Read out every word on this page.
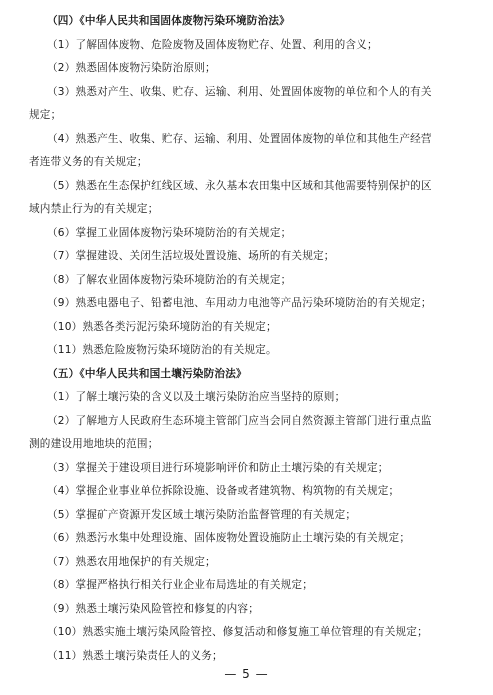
（四）《中华人民共和国固体废物污染环境防治法》
（1）了解固体废物、危险废物及固体废物贮存、处置、利用的含义；
（2）熟悉固体废物污染防治原则；
（3）熟悉对产生、收集、贮存、运输、利用、处置固体废物的单位和个人的有关
规定；
（4）熟悉产生、收集、贮存、运输、利用、处置固体废物的单位和其他生产经营
者连带义务的有关规定；
（5）熟悉在生态保护红线区域、永久基本农田集中区域和其他需要特别保护的区
域内禁止行为的有关规定；
（6）掌握工业固体废物污染环境防治的有关规定；
（7）掌握建设、关闭生活垃圾处置设施、场所的有关规定；
（8）了解农业固体废物污染环境防治的有关规定；
（9）熟悉电器电子、铅蓄电池、车用动力电池等产品污染环境防治的有关规定；
（10）熟悉各类污泥污染环境防治的有关规定；
（11）熟悉危险废物污染环境防治的有关规定。
（五）《中华人民共和国土壤污染防治法》
（1）了解土壤污染的含义以及土壤污染防治应当坚持的原则；
（2）了解地方人民政府生态环境主管部门应当会同自然资源主管部门进行重点监
测的建设用地地块的范围；
（3）掌握关于建设项目进行环境影响评价和防止土壤污染的有关规定；
（4）掌握企业事业单位拆除设施、设备或者建筑物、构筑物的有关规定；
（5）掌握矿产资源开发区域土壤污染防治监督管理的有关规定；
（6）熟悉污水集中处理设施、固体废物处置设施防止土壤污染的有关规定；
（7）熟悉农用地保护的有关规定；
（8）掌握严格执行相关行业企业布局选址的有关规定；
（9）熟悉土壤污染风险管控和修复的内容；
（10）熟悉实施土壤污染风险管控、修复活动和修复施工单位管理的有关规定；
（11）熟悉土壤污染责任人的义务；
— 5 —
